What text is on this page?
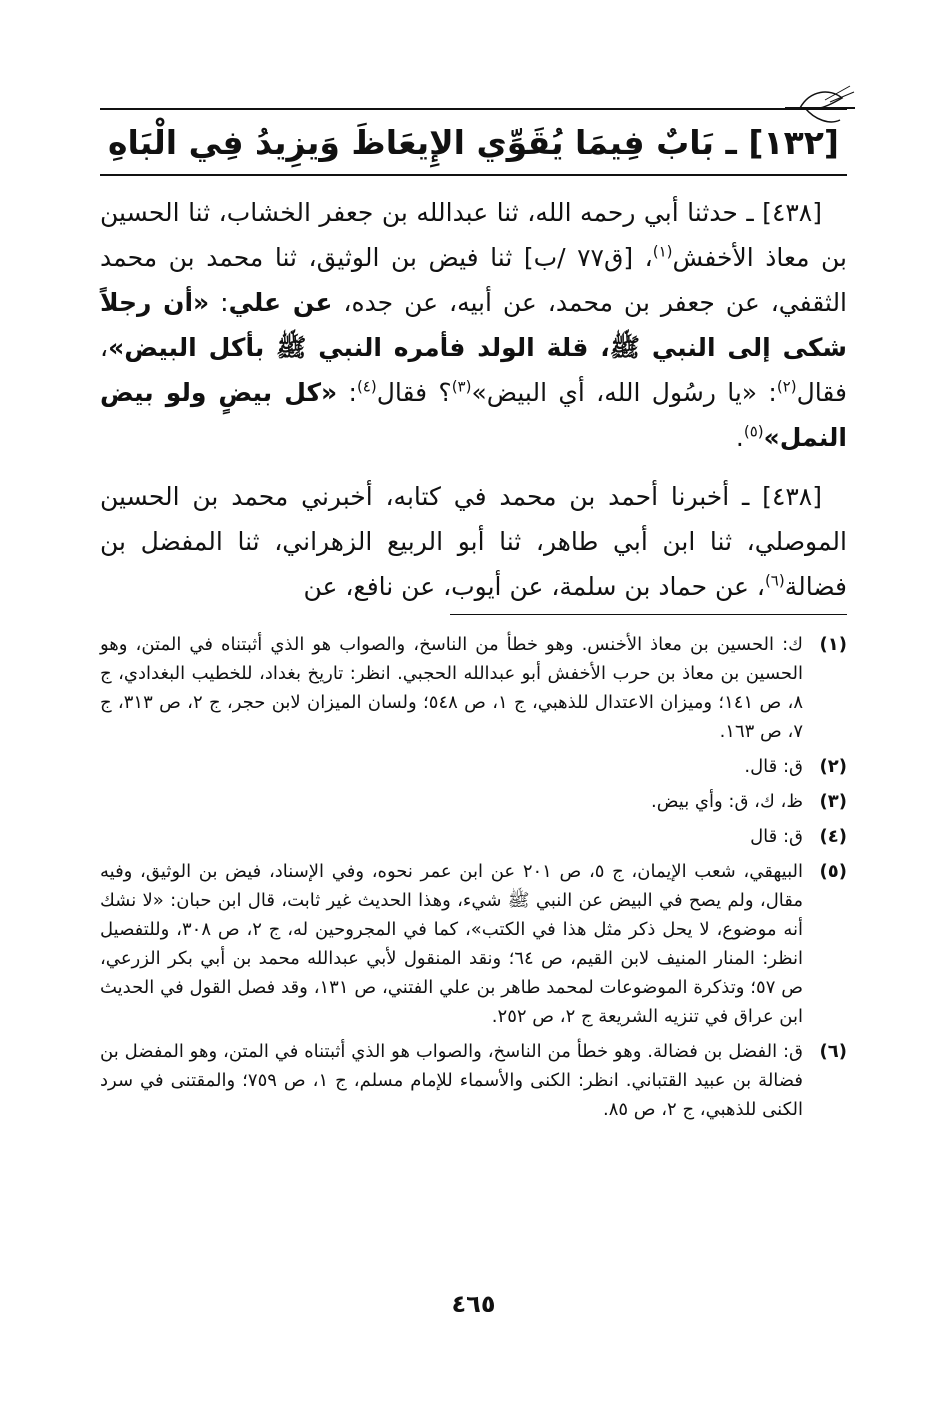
[١٣٢] ـ بَابٌ فِيمَا يُقَوِّي الإِيعَاظَ وَيزِيدُ فِي الْبَاهِ

 [٤٣٨] ـ حدثنا أبي رحمه الله، ثنا عبدالله بن جعفر الخشاب، ثنا الحسين بن معاذ الأخفش$^{(١)}$، [ق٧٧ /ب] ثنا فيض بن الوثيق، ثنا محمد بن محمد الثقفي، عن جعفر بن محمد، عن أبيه، عن جده، عن علي: «أن رجلاً شكى إلى النبي ﷺ، قلة الولد فأمره النبي ﷺ بأكل البيض»، فقال$^{(٢)}$: «يا رسُول الله، أي البيض»$^{(٣)}$؟ فقال$^{(٤)}$: «كل بيضٍ ولو بيض النمل»$^{(٥)}$.

 [٤٣٨] ـ أخبرنا أحمد بن محمد في كتابه، أخبرني محمد بن الحسين الموصلي، ثنا ابن أبي طاهر، ثنا أبو الربيع الزهراني، ثنا المفضل بن فضالة$^{(٦)}$، عن حماد بن سلمة، عن أيوب، عن نافع، عن

(١)
ك: الحسين بن معاذ الأخنس. وهو خطأ من الناسخ، والصواب هو الذي أثبتناه في المتن، وهو الحسين بن معاذ بن حرب الأخفش أبو عبدالله الحجبي. انظر: تاريخ بغداد، للخطيب البغدادي، ج ٨، ص ١٤١؛ وميزان الاعتدال للذهبي، ج ١، ص ٥٤٨؛ ولسان الميزان لابن حجر، ج ٢، ص ٣١٣، ج ٧، ص ١٦٣.
(٢)
ق: قال.
(٣)
ظ، ك، ق: وأي بيض.
(٤)
ق: قال
(٥)
البيهقي، شعب الإيمان، ج ٥، ص ٢٠١ عن ابن عمر نحوه، وفي الإسناد، فيض بن الوثيق، وفيه مقال، ولم يصح في البيض عن النبي ﷺ شيء، وهذا الحديث غير ثابت، قال ابن حبان: «لا نشك أنه موضوع، لا يحل ذكر مثل هذا في الكتب»، كما في المجروحين له، ج ٢، ص ٣٠٨، وللتفصيل انظر: المنار المنيف لابن القيم، ص ٦٤؛ ونقد المنقول لأبي عبدالله محمد بن أبي بكر الزرعي، ص ٥٧؛ وتذكرة الموضوعات لمحمد طاهر بن علي الفتني، ص ١٣١، وقد فصل القول في الحديث ابن عراق في تنزيه الشريعة ج ٢، ص ٢٥٢.
(٦)
ق: الفضل بن فضالة. وهو خطأ من الناسخ، والصواب هو الذي أثبتناه في المتن، وهو المفضل بن فضالة بن عبيد القتباني. انظر: الكنى والأسماء للإمام مسلم، ج ١، ص ٧٥٩؛ والمقتنى في سرد الكنى للذهبي، ج ٢، ص ٨٥.
٤٦٥
